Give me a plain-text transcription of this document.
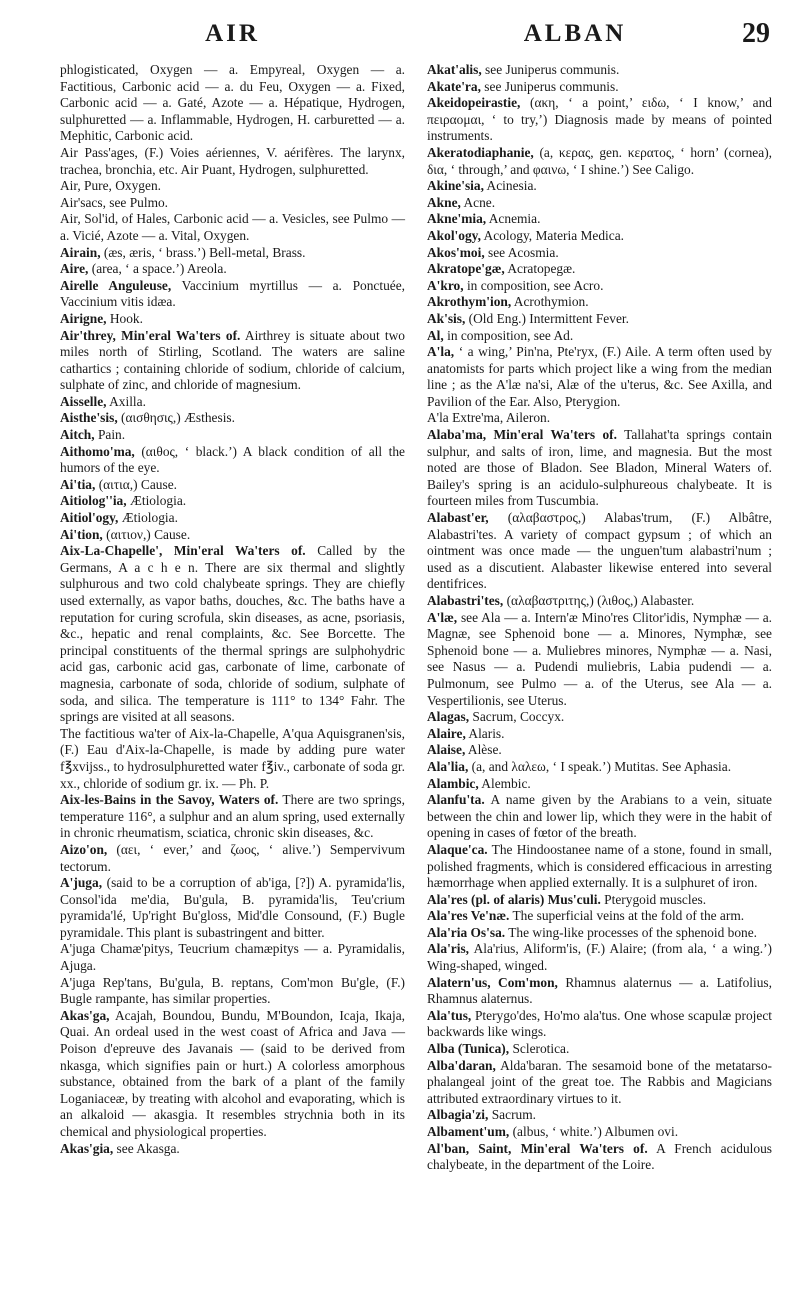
AIR	ALBAN	29

phlogisticated, Oxygen — a. Empyreal, Oxygen — a. Factitious, Carbonic acid — a. du Feu, Oxygen — a. Fixed, Carbonic acid — a. Gaté, Azote — a. Hépatique, Hydrogen, sulphuretted — a. Inflammable, Hydrogen, H. carburetted — a. Mephitic, Carbonic acid.

Air Pass'ages, (F.) Voies aériennes, V. aérifères. The larynx, trachea, bronchia, etc. Air Puant, Hydrogen, sulphuretted.

Air, Pure, Oxygen.

Air'sacs, see Pulmo.

Air, Sol'id, of Hales, Carbonic acid — a. Vesicles, see Pulmo — a. Vicié, Azote — a. Vital, Oxygen.

Airain, (æs, æris, ‘ brass.’) Bell-metal, Brass.

Aire, (area, ‘ a space.’) Areola.

Airelle Anguleuse, Vaccinium myrtillus — a. Ponctuée, Vaccinium vitis idæa.

Airigne, Hook.

Air'threy, Min'eral Wa'ters of. Airthrey is situate about two miles north of Stirling, Scotland. The waters are saline cathartics ; containing chloride of sodium, chloride of calcium, sulphate of zinc, and chloride of magnesium.

Aisselle, Axilla.

Aisthe'sis, (αισθησις,) Æsthesis.

Aitch, Pain.

Aithomo'ma, (αιθος, ‘ black.’) A black condition of all the humors of the eye.

Ai'tia, (αιτια,) Cause.

Aitiolog''ia, Ætiologia.

Aitiol'ogy, Ætiologia.

Ai'tion, (αιτιον,) Cause.

Aix-La-Chapelle', Min'eral Wa'ters of. Called by the Germans, A a c h e n. There are six thermal and slightly sulphurous and two cold chalybeate springs. They are chiefly used externally, as vapor baths, douches, &c. The baths have a reputation for curing scrofula, skin diseases, as acne, psoriasis, &c., hepatic and renal complaints, &c. See Borcette. The principal constituents of the thermal springs are sulphohydric acid gas, carbonic acid gas, carbonate of lime, carbonate of magnesia, carbonate of soda, chloride of sodium, sulphate of soda, and silica. The temperature is 111° to 134° Fahr. The springs are visited at all seasons.

The factitious wa'ter of Aix-la-Chapelle, A'qua Aquisgranen'sis, (F.) Eau d'Aix-la-Chapelle, is made by adding pure water f℥xvijss., to hydrosulphuretted water f℥iv., carbonate of soda gr. xx., chloride of sodium gr. ix. — Ph. P.

Aix-les-Bains in the Savoy, Waters of. There are two springs, temperature 116°, a sulphur and an alum spring, used externally in chronic rheumatism, sciatica, chronic skin diseases, &c.

Aizo'on, (αει, ‘ ever,’ and ζωος, ‘ alive.’) Sempervivum tectorum.

A'juga, (said to be a corruption of ab'iga, [?]) A. pyramida'lis, Consol'ida me'dia, Bu'gula, B. pyramida'lis, Teu'crium pyramida'lé, Up'right Bu'gloss, Mid'dle Consound, (F.) Bugle pyramidale. This plant is subastringent and bitter.

A'juga Chamæ'pitys, Teucrium chamæpitys — a. Pyramidalis, Ajuga.

A'juga Rep'tans, Bu'gula, B. reptans, Com'mon Bu'gle, (F.) Bugle rampante, has similar properties.

Akas'ga, Acajah, Boundou, Bundu, M'Boundon, Icaja, Ikaja, Quai. An ordeal used in the west coast of Africa and Java — Poison d'epreuve des Javanais — (said to be derived from nkasga, which signifies pain or hurt.) A colorless amorphous substance, obtained from the bark of a plant of the family Loganiaceæ, by treating with alcohol and evaporating, which is an alkaloid — akasgia. It resembles strychnia both in its chemical and physiological properties.

Akas'gia, see Akasga.

Akat'alis, see Juniperus communis.

Akate'ra, see Juniperus communis.

Akeidopeirastie, (ακη, ‘ a point,’ ειδω, ‘ I know,’ and πειραομαι, ‘ to try,’) Diagnosis made by means of pointed instruments.

Akeratodiaphanie, (a, κερας, gen. κερατος, ‘ horn’ (cornea), δια, ‘ through,’ and φαινω, ‘ I shine.’) See Caligo.

Akine'sia, Acinesia.

Akne, Acne.

Akne'mia, Acnemia.

Akol'ogy, Acology, Materia Medica.

Akos'moi, see Acosmia.

Akratope'gæ, Acratopegæ.

A'kro, in composition, see Acro.

Akrothym'ion, Acrothymion.

Ak'sis, (Old Eng.) Intermittent Fever.

Al, in composition, see Ad.

A'la, ‘ a wing,’ Pin'na, Pte'ryx, (F.) Aile. A term often used by anatomists for parts which project like a wing from the median line ; as the A'læ na'si, Alæ of the u'terus, &c. See Axilla, and Pavilion of the Ear. Also, Pterygion.

A'la Extre'ma, Aileron.

Alaba'ma, Min'eral Wa'ters of. Tallahat'ta springs contain sulphur, and salts of iron, lime, and magnesia. But the most noted are those of Bladon. See Bladon, Mineral Waters of. Bailey's spring is an acidulo-sulphureous chalybeate. It is fourteen miles from Tuscumbia.

Alabast'er, (αλαβαστρος,) Alabas'trum, (F.) Albâtre, Alabastri'tes. A variety of compact gypsum ; of which an ointment was once made — the unguen'tum alabastri'num ; used as a discutient. Alabaster likewise entered into several dentifrices.

Alabastri'tes, (αλαβαστριτης,) (λιθος,) Alabaster.

A'læ, see Ala — a. Intern'æ Mino'res Clitor'idis, Nymphæ — a. Magnæ, see Sphenoid bone — a. Minores, Nymphæ, see Sphenoid bone — a. Muliebres minores, Nymphæ — a. Nasi, see Nasus — a. Pudendi muliebris, Labia pudendi — a. Pulmonum, see Pulmo — a. of the Uterus, see Ala — a. Vespertilionis, see Uterus.

Alagas, Sacrum, Coccyx.

Alaire, Alaris.

Alaise, Alèse.

Ala'lia, (a, and λαλεω, ‘ I speak.’) Mutitas. See Aphasia.

Alambic, Alembic.

Alanfu'ta. A name given by the Arabians to a vein, situate between the chin and lower lip, which they were in the habit of opening in cases of fœtor of the breath.

Alaque'ca. The Hindoostanee name of a stone, found in small, polished fragments, which is considered efficacious in arresting hæmorrhage when applied externally. It is a sulphuret of iron.

Ala'res (pl. of alaris) Mus'culi. Pterygoid muscles.

Ala'res Ve'næ. The superficial veins at the fold of the arm.

Ala'ria Os'sa. The wing-like processes of the sphenoid bone.

Ala'ris, Ala'rius, Aliform'is, (F.) Alaire; (from ala, ‘ a wing.’) Wing-shaped, winged.

Alatern'us, Com'mon, Rhamnus alaternus — a. Latifolius, Rhamnus alaternus.

Ala'tus, Pterygo'des, Ho'mo ala'tus. One whose scapulæ project backwards like wings.

Alba (Tunica), Sclerotica.

Alba'daran, Alda'baran. The sesamoid bone of the metatarso-phalangeal joint of the great toe. The Rabbis and Magicians attributed extraordinary virtues to it.

Albagia'zi, Sacrum.

Albament'um, (albus, ‘ white.’) Albumen ovi.

Al'ban, Saint, Min'eral Wa'ters of. A French acidulous chalybeate, in the department of the Loire.
